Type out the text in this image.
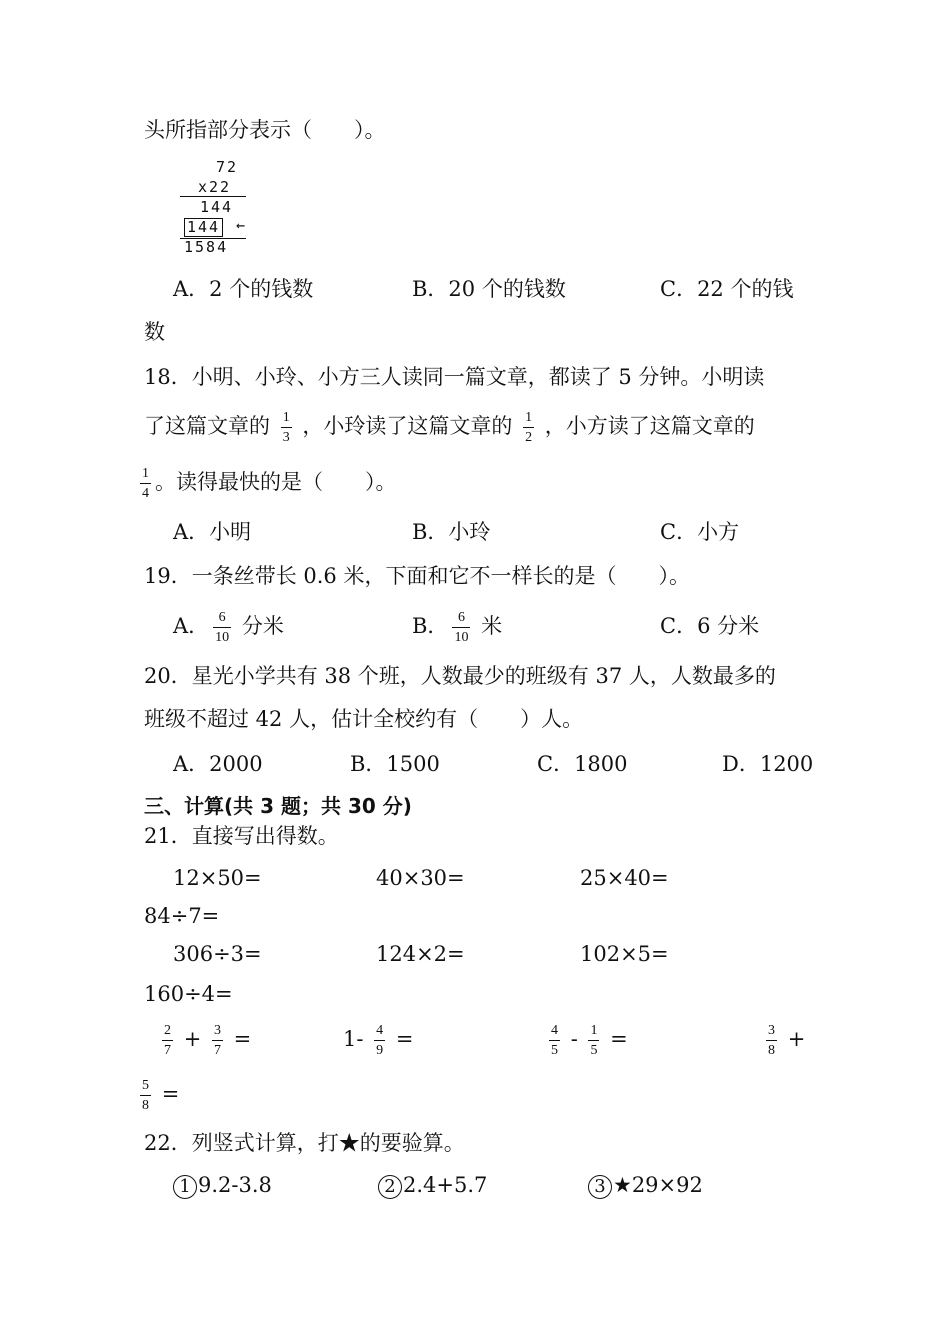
头所指部分表示（　　）。
72
x22
144
144 ←
1584
A．2 个的钱数	B．20 个的钱数	C．22 个的钱
数
18．小明、小玲、小方三人读同一篇文章，都读了 5 分钟。小明读
了这篇文章的 $\frac{1}{3}$ ，小玲读了这篇文章的 $\frac{1}{2}$ ，小方读了这篇文章的
$\frac{1}{4}$ 。读得最快的是（　　）。
A．小明	B．小玲	C．小方
19．一条丝带长 0.6 米，下面和它不一样长的是（　　）。
A． $\frac{6}{10}$ 分米	B． $\frac{6}{10}$ 米	C．6 分米
20．星光小学共有 38 个班，人数最少的班级有 37 人，人数最多的
班级不超过 42 人，估计全校约有（　　）人。
A．2000	B．1500	C．1800	D．1200
三、计算(共 3 题；共 30 分)
21．直接写出得数。
12×50=	40×30=	25×40=
84÷7=
306÷3=	124×2=	102×5=
160÷4=
$\frac{2}{7} + \frac{3}{7}$ =	$1- \frac{4}{9}$ =	$\frac{4}{5} - \frac{1}{5}$ =	$\frac{3}{8}$ +
$\frac{5}{8}$ =
22．列竖式计算，打★的要验算。
1 9.2-3.8	2 2.4+5.7	3 ★29×92
